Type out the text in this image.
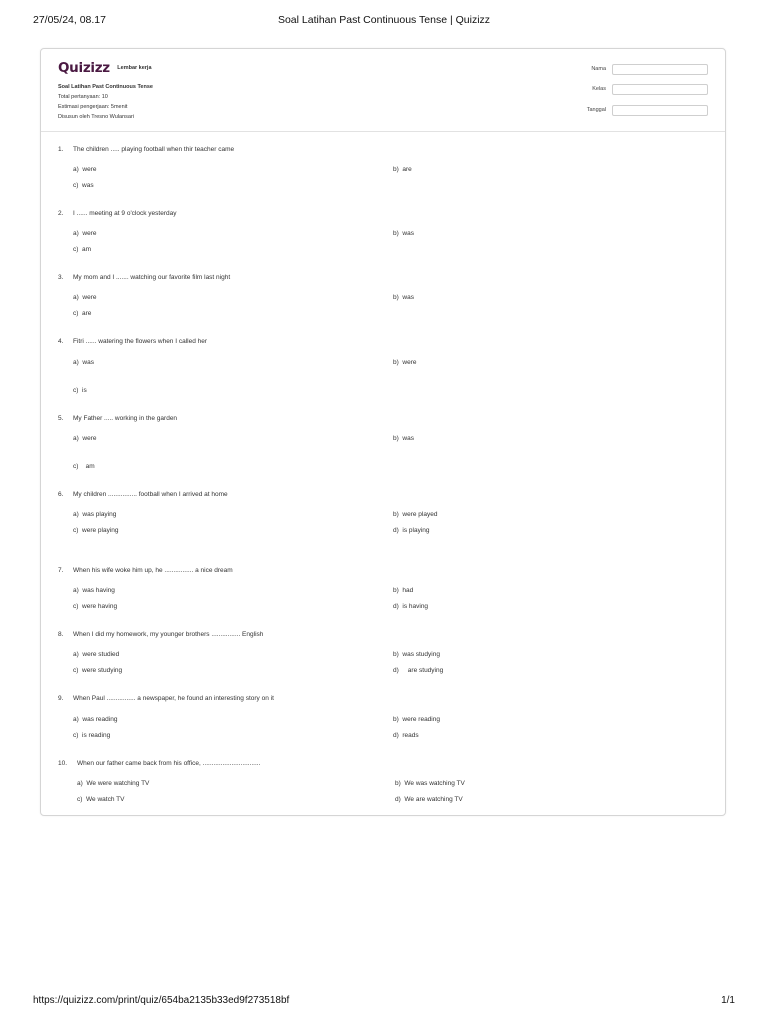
27/05/24, 08.17	Soal Latihan Past Continuous Tense | Quizizz
Quizizz Lembar kerja
Soal Latihan Past Continuous Tense
Total pertanyaan: 10
Estimasi pengerjaan: 5menit
Disusun oleh Tresno Wulansari
Nama
Kelas
Tanggal
1. The children ..... playing football when thir teacher came
a)  were	b)  are
c)  was
2. I ...... meeting at 9 o'clock yesterday
a)  were	b)  was
c)  am
3. My mom and I ....... watching our favorite film last night
a)  were	b)  was
c)  are
4. Fitri ...... watering the flowers when I called her
a)  was	b)  were
c)  is
5. My Father ..... working in the garden
a)  were	b)  was
c)    am
6. My children ................ football when I arrived at home
a)  was playing	b)  were played
c)  were playing	d)  is playing
7. When his wife woke him up, he ................ a nice dream
a)  was having	b)  had
c)  were having	d)  is having
8. When I did my homework, my younger brothers ................ English
a)  were studied	b)  was studying
c)  were studying	d)     are studying
9. When Paul ................ a newspaper, he found an interesting story on it
a)  was reading	b)  were reading
c)  is reading	d)  reads
10. When our father came back from his office, ................................
a)  We were watching TV	b)  We was watching TV
c)  We watch TV	d)  We are watching TV
https://quizizz.com/print/quiz/654ba2135b33ed9f273518bf	1/1
